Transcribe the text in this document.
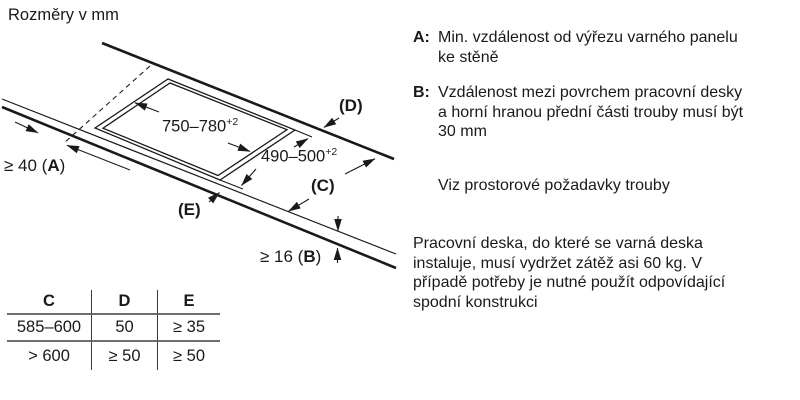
Rozměry v mm
$750-780^{+2}$
$490-500^{+2}$
≥ 40 (A)
≥ 16 (B)
(C)
(D)
(E)
C	D	E
585–600	50	≥ 35
> 600	≥ 50	≥ 50
A: Min. vzdálenost od výřezu varného panelu ke stěně
B: Vzdálenost mezi povrchem pracovní desky a horní hranou přední části trouby musí být 30 mm
Viz prostorové požadavky trouby
Pracovní deska, do které se varná deska instaluje, musí vydržet zátěž asi 60 kg. V případě potřeby je nutné použít odpovídající spodní konstrukci
